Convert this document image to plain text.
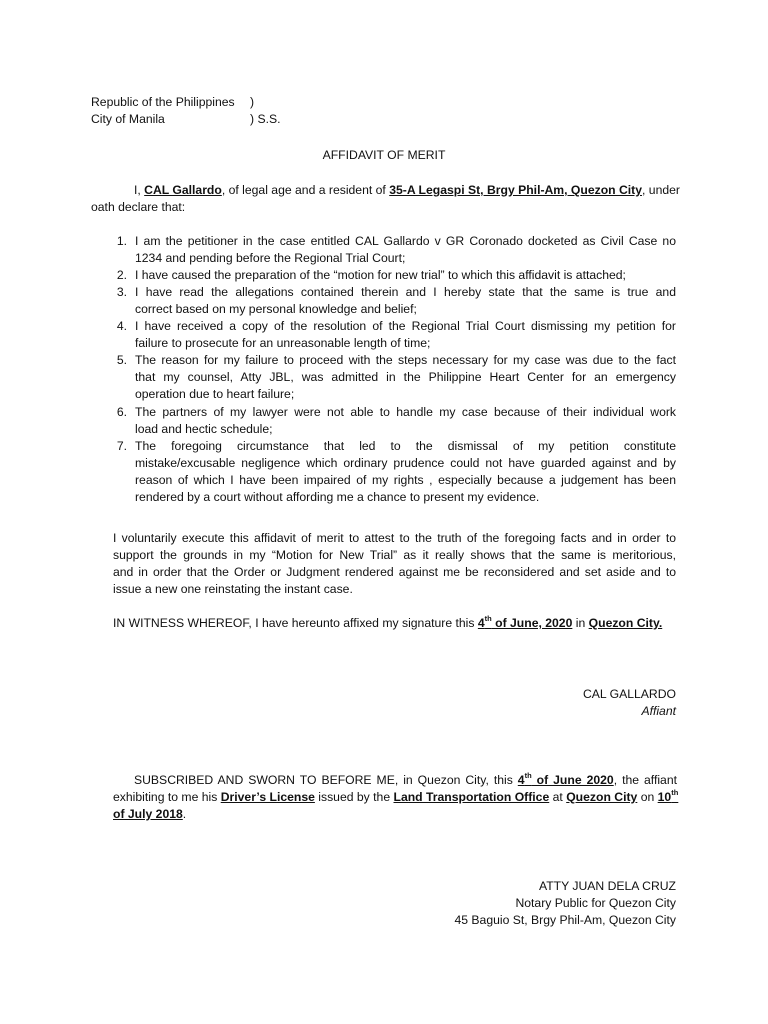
Republic of the Philippines )
City of Manila	) S.S.
AFFIDAVIT OF MERIT
I, CAL Gallardo, of legal age and a resident of 35-A Legaspi St, Brgy Phil-Am, Quezon City, under
oath declare that:
1. I am the petitioner in the case entitled CAL Gallardo v GR Coronado docketed as Civil Case no
1234 and pending before the Regional Trial Court;
2. I have caused the preparation of the “motion for new trial” to which this affidavit is attached;
3. I have read the allegations contained therein and I hereby state that the same is true and
correct based on my personal knowledge and belief;
4. I have received a copy of the resolution of the Regional Trial Court dismissing my petition for
failure to prosecute for an unreasonable length of time;
5. The reason for my failure to proceed with the steps necessary for my case was due to the fact
that my counsel, Atty JBL, was admitted in the Philippine Heart Center for an emergency
operation due to heart failure;
6. The partners of my lawyer were not able to handle my case because of their individual work
load and hectic schedule;
7. The foregoing circumstance that led to the dismissal of my petition constitute
mistake/excusable negligence which ordinary prudence could not have guarded against and by
reason of which I have been impaired of my rights , especially because a judgement has been
rendered by a court without affording me a chance to present my evidence.
I voluntarily execute this affidavit of merit to attest to the truth of the foregoing facts and in order to
support the grounds in my “Motion for New Trial” as it really shows that the same is meritorious,
and in order that the Order or Judgment rendered against me be reconsidered and set aside and to
issue a new one reinstating the instant case.
IN WITNESS WHEREOF, I have hereunto affixed my signature this 4th of June, 2020 in Quezon City.
CAL GALLARDO
Affiant
SUBSCRIBED AND SWORN TO BEFORE ME, in Quezon City, this 4th of June 2020, the affiant
exhibiting to me his Driver’s License issued by the Land Transportation Office at Quezon City on 10th
of July 2018.
ATTY JUAN DELA CRUZ
Notary Public for Quezon City
45 Baguio St, Brgy Phil-Am, Quezon City
